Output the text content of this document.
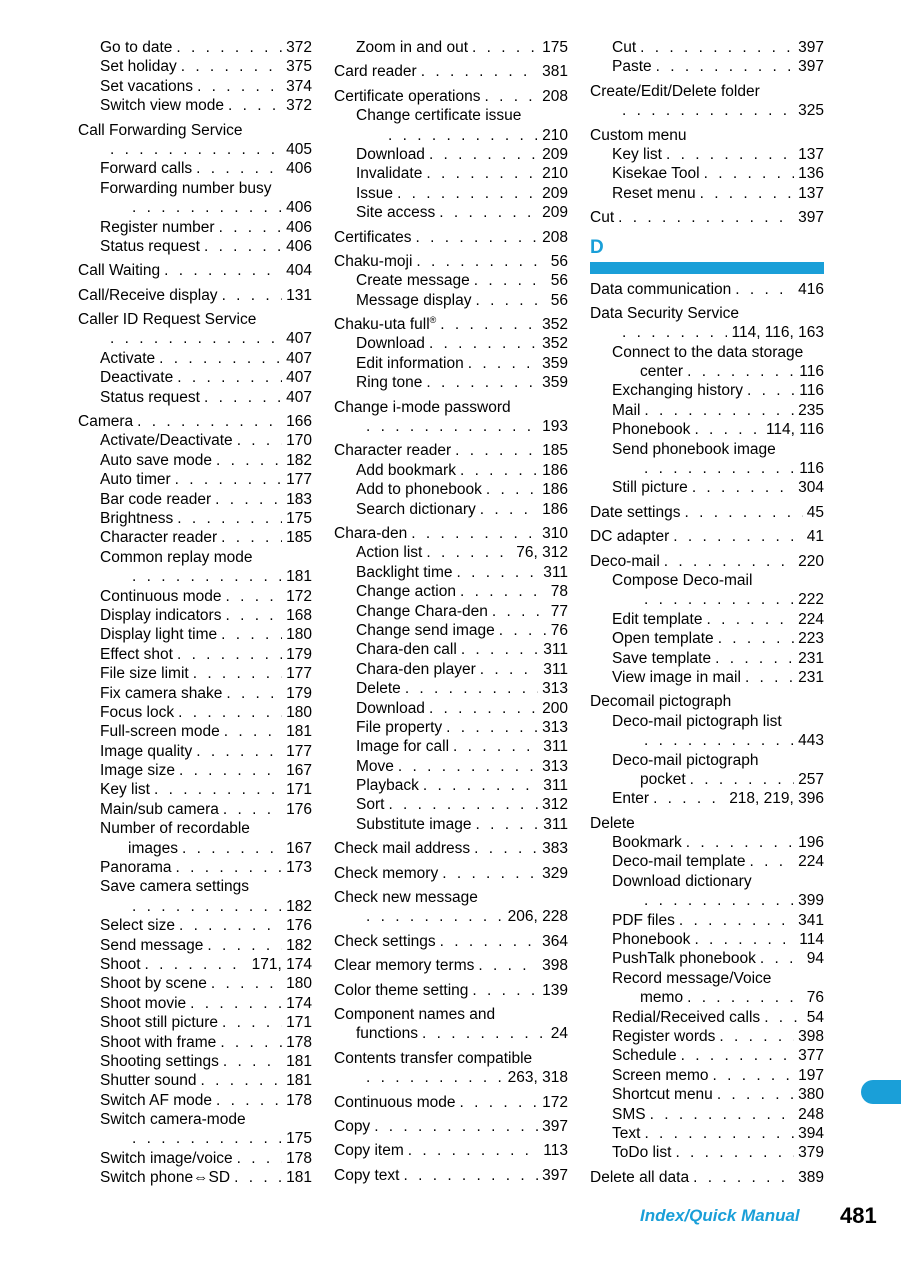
Go to date . . .	372
Set holiday . . .	375
Set vacations . . .	374
Switch view mode . . .	372
Call Forwarding Service
. . .
405
Forward calls . . .	406
Forwarding number busy
. . .
406
Register number . . .	406
Status request . . .	406
Call Waiting . . .	404
Call/Receive display . . .	131
Caller ID Request Service
. . .
407
Activate . . .	407
Deactivate . . .	407
Status request . . .	407
Camera . . .	166
Activate/Deactivate . . .	170
Auto save mode . . .	182
Auto timer . . .	177
Bar code reader . . .	183
Brightness . . .	175
Character reader . . .	185
Common replay mode
. . .
181
Continuous mode . . .	172
Display indicators . . .	168
Display light time . . .	180
Effect shot . . .	179
File size limit . . .	177
Fix camera shake . . .	179
Focus lock . . .	180
Full-screen mode . . .	181
Image quality . . .	177
Image size . . .	167
Key list . . .	171
Main/sub camera . . .	176
Number of recordable
images . . .	167
Panorama . . .	173
Save camera settings
. . .
182
Select size . . .	176
Send message . . .	182
Shoot . . .	171, 174
Shoot by scene . . .	180
Shoot movie . . .	174
Shoot still picture . . .	171
Shoot with frame . . .	178
Shooting settings . . .	181
Shutter sound . . .	181
Switch AF mode . . .	178
Switch camera-mode
. . .
175
Switch image/voice . . .	178
Switch phone⇔SD . . .	181
Zoom in and out . . .	175
Card reader . . .	381
Certificate operations . . .	208
Change certificate issue
. . .
210
Download . . .	209
Invalidate . . .	210
Issue . . .	209
Site access . . .	209
Certificates . . .	208
Chaku-moji . . .	56
Create message . . .	56
Message display . . .	56
Chaku-uta full® . . .	352
Download . . .	352
Edit information . . .	359
Ring tone . . .	359
Change i-mode password
. . .
193
Character reader . . .	185
Add bookmark . . .	186
Add to phonebook . . .	186
Search dictionary . . .	186
Chara-den . . .	310
Action list . . .	76, 312
Backlight time . . .	311
Change action . . .	78
Change Chara-den . . .	77
Change send image . . .	76
Chara-den call . . .	311
Chara-den player . . .	311
Delete . . .	313
Download . . .	200
File property . . .	313
Image for call . . .	311
Move . . .	313
Playback . . .	311
Sort . . .	312
Substitute image . . .	311
Check mail address . . .	383
Check memory . . .	329
Check new message
. . .
206, 228
Check settings . . .	364
Clear memory terms . . .	398
Color theme setting . . .	139
Component names and
functions . . .	24
Contents transfer compatible
. . .
263, 318
Continuous mode . . .	172
Copy . . .	397
Copy item . . .	113
Copy text . . .	397
Cut . . .	397
Paste . . .	397
Create/Edit/Delete folder
. . .
325
Custom menu
Key list . . .	137
Kisekae Tool . . .	136
Reset menu . . .	137
Cut . . .	397
D
Data communication . . .	416
Data Security Service
. . .
114, 116, 163
Connect to the data storage
center . . .	116
Exchanging history . . .	116
Mail . . .	235
Phonebook . . .	114, 116
Send phonebook image
. . .
116
Still picture . . .	304
Date settings . . .	45
DC adapter . . .	41
Deco-mail . . .	220
Compose Deco-mail
. . .
222
Edit template . . .	224
Open template . . .	223
Save template . . .	231
View image in mail . . .	231
Decomail pictograph
Deco-mail pictograph list
. . .
443
Deco-mail pictograph
pocket . . .	257
Enter . . .	218, 219, 396
Delete
Bookmark . . .	196
Deco-mail template . . .	224
Download dictionary
. . .
399
PDF files . . .	341
Phonebook . . .	114
PushTalk phonebook . . .	94
Record message/Voice
memo . . .	76
Redial/Received calls . . .	54
Register words . . .	398
Schedule . . .	377
Screen memo . . .	197
Shortcut menu . . .	380
SMS . . .	248
Text . . .	394
ToDo list . . .	379
Delete all data . . .	389
Index/Quick Manual 481
